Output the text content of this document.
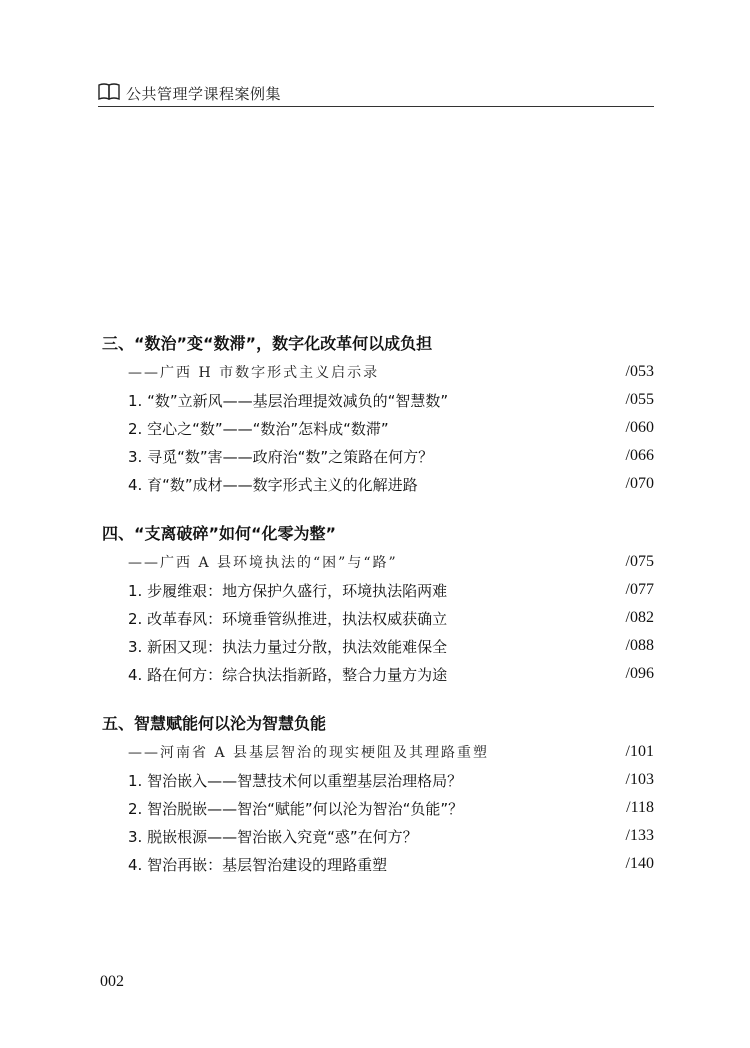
公共管理学课程案例集
三、“数治”变“数滞”，数字化改革何以成负担
——广西 H 市数字形式主义启示录	/053
1. “数”立新风——基层治理提效减负的“智慧数”	/055
2. 空心之“数”——“数治”怎料成“数滞”	/060
3. 寻觅“数”害——政府治“数”之策路在何方？	/066
4. 育“数”成材——数字形式主义的化解进路	/070
四、“支离破碎”如何“化零为整”
——广西 A 县环境执法的“困”与“路”	/075
1. 步履维艰：地方保护久盛行，环境执法陷两难	/077
2. 改革春风：环境垂管纵推进，执法权威获确立	/082
3. 新困又现：执法力量过分散，执法效能难保全	/088
4. 路在何方：综合执法指新路，整合力量方为途	/096
五、智慧赋能何以沦为智慧负能
——河南省 A 县基层智治的现实梗阻及其理路重塑	/101
1. 智治嵌入——智慧技术何以重塑基层治理格局？	/103
2. 智治脱嵌——智治“赋能”何以沦为智治“负能”？	/118
3. 脱嵌根源——智治嵌入究竟“惑”在何方？	/133
4. 智治再嵌：基层智治建设的理路重塑	/140
002
